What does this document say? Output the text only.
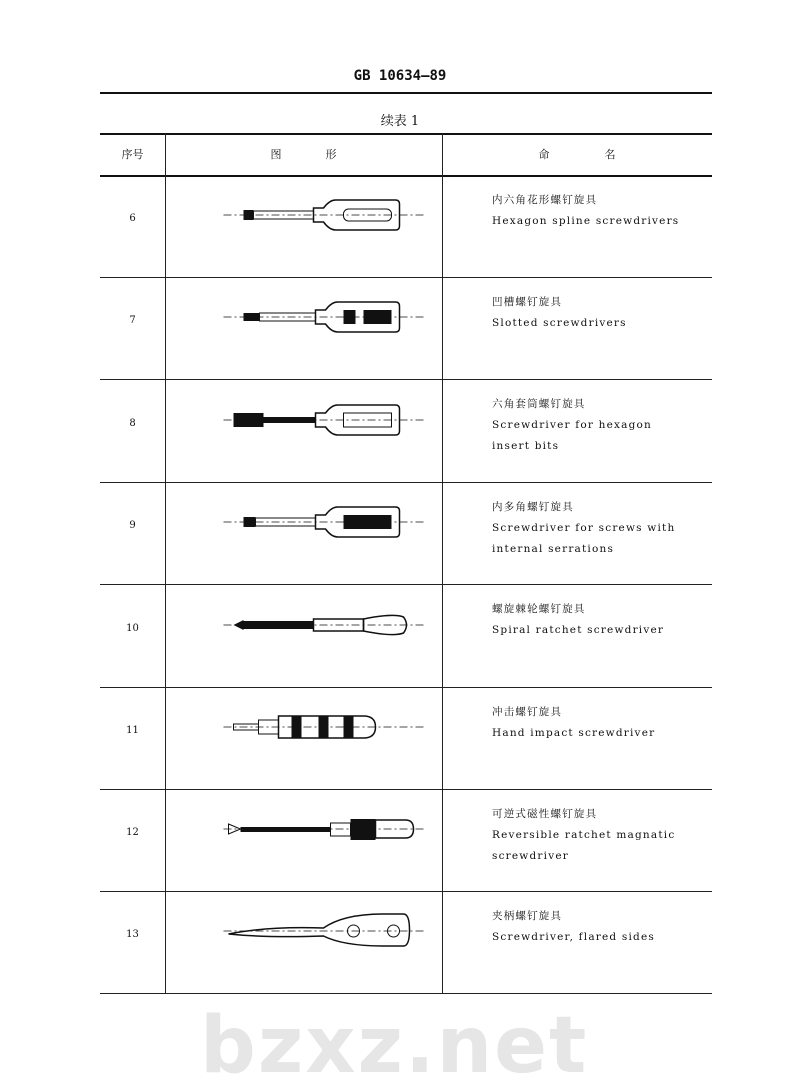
GB 10634—89
续表 1
bzxz.net
序号	图　　　　形	命　　　　　名
6
内六角花形螺钉旋具
Hexagon spline screwdrivers
7
凹槽螺钉旋具
Slotted screwdrivers
8
六角套筒螺钉旋具
Screwdriver for hexagon
insert bits
9
内多角螺钉旋具
Screwdriver for screws with
internal serrations
10
螺旋棘轮螺钉旋具
Spiral ratchet screwdriver
11
冲击螺钉旋具
Hand impact screwdriver
12
可逆式磁性螺钉旋具
Reversible ratchet magnatic
screwdriver
13
夹柄螺钉旋具
Screwdriver, flared sides
